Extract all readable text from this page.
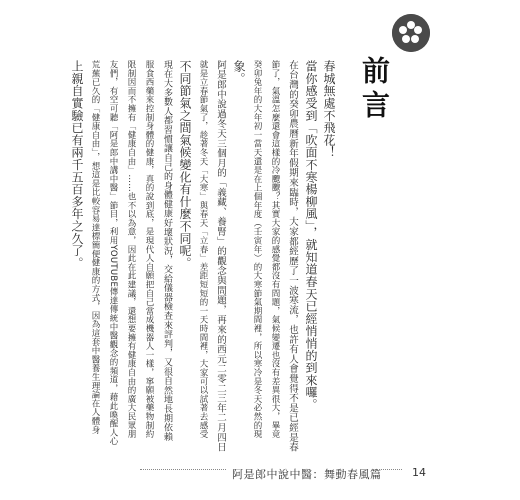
前言
春城無處不飛花！
當你感受到「吹面不寒楊柳風」，就知道春天已經悄悄的到來囉。
在台灣的癸卯農曆新年假期來臨時，大家都經歷了一波寒流，也許有人會覺得不是已經是春
節了，氣溫怎麼還會這樣的冷颼颼？其實大家的感覺都沒有問題，氣候變遷也沒有差異很大，畢竟
癸卯兔年的大年初一當天還是在上個年度（壬寅年）的大寒節氣期間裡，所以寒冷是冬天必然的現
象。
阿是郎中說過冬天三個月的「義藏、養腎」的觀念與問題，再來的西元二零二三年二月四日
就是立春節氣了，趁著冬天「大寒」與春天「立春」差距短短的一天時間裡，大家可以試著去感受
不同節氣之間氣候變化有什麼不同呢。
現在大多數人都習慣讓自己的身體健康好壞狀況，交給儀器檢查來評判，又很自然地長期依賴
服食西藥來控制身體的健康，真的說到底，是現代人自願把自己當成機器人一樣，寧願被藥物制約
限制因而不擁有「健康自由」……也不以為意，因此在此建議，還想要擁有健康自由的廣大民眾朋
友們，有空可聽「阿是郎中講中醫」節目，利用YOUTUBE傳達傳統中醫觀念的頻道，藉此喚醒人心
荒蕪已久的「健康自由」，想這是比較容易達標簡便健康的方式，因為這套中醫養生理論在人體身
上親自實驗已有兩千五百多年之久了。
阿是郎中說中醫：舞動春風篇	14
